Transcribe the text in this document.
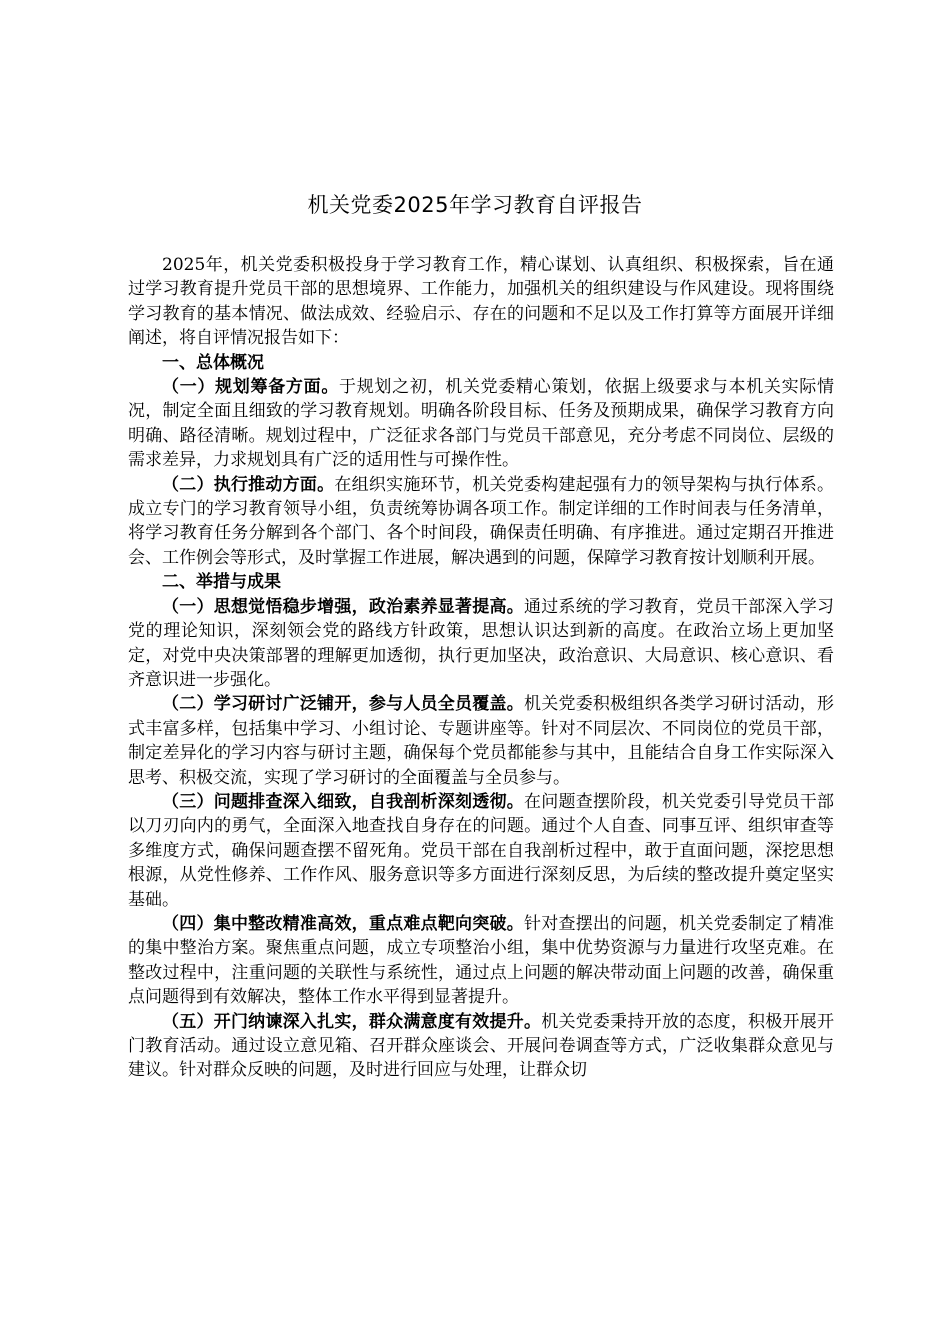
机关党委2025年学习教育自评报告

2025年，机关党委积极投身于学习教育工作，精心谋划、认真组织、积极探索，旨在通过学习教育提升党员干部的思想境界、工作能力，加强机关的组织建设与作风建设。现将围绕学习教育的基本情况、做法成效、经验启示、存在的问题和不足以及工作打算等方面展开详细阐述，将自评情况报告如下：

一、总体概况

（一）规划筹备方面。于规划之初，机关党委精心策划，依据上级要求与本机关实际情况，制定全面且细致的学习教育规划。明确各阶段目标、任务及预期成果，确保学习教育方向明确、路径清晰。规划过程中，广泛征求各部门与党员干部意见，充分考虑不同岗位、层级的需求差异，力求规划具有广泛的适用性与可操作性。

（二）执行推动方面。在组织实施环节，机关党委构建起强有力的领导架构与执行体系。成立专门的学习教育领导小组，负责统筹协调各项工作。制定详细的工作时间表与任务清单，将学习教育任务分解到各个部门、各个时间段，确保责任明确、有序推进。通过定期召开推进会、工作例会等形式，及时掌握工作进展，解决遇到的问题，保障学习教育按计划顺利开展。

二、举措与成果

（一）思想觉悟稳步增强，政治素养显著提高。通过系统的学习教育，党员干部深入学习党的理论知识，深刻领会党的路线方针政策，思想认识达到新的高度。在政治立场上更加坚定，对党中央决策部署的理解更加透彻，执行更加坚决，政治意识、大局意识、核心意识、看齐意识进一步强化。

（二）学习研讨广泛铺开，参与人员全员覆盖。机关党委积极组织各类学习研讨活动，形式丰富多样，包括集中学习、小组讨论、专题讲座等。针对不同层次、不同岗位的党员干部，制定差异化的学习内容与研讨主题，确保每个党员都能参与其中，且能结合自身工作实际深入思考、积极交流，实现了学习研讨的全面覆盖与全员参与。

（三）问题排查深入细致，自我剖析深刻透彻。在问题查摆阶段，机关党委引导党员干部以刀刃向内的勇气，全面深入地查找自身存在的问题。通过个人自查、同事互评、组织审查等多维度方式，确保问题查摆不留死角。党员干部在自我剖析过程中，敢于直面问题，深挖思想根源，从党性修养、工作作风、服务意识等多方面进行深刻反思，为后续的整改提升奠定坚实基础。

（四）集中整改精准高效，重点难点靶向突破。针对查摆出的问题，机关党委制定了精准的集中整治方案。聚焦重点问题，成立专项整治小组，集中优势资源与力量进行攻坚克难。在整改过程中，注重问题的关联性与系统性，通过点上问题的解决带动面上问题的改善，确保重点问题得到有效解决，整体工作水平得到显著提升。

（五）开门纳谏深入扎实，群众满意度有效提升。机关党委秉持开放的态度，积极开展开门教育活动。通过设立意见箱、召开群众座谈会、开展问卷调查等方式，广泛收集群众意见与建议。针对群众反映的问题，及时进行回应与处理，让群众切
